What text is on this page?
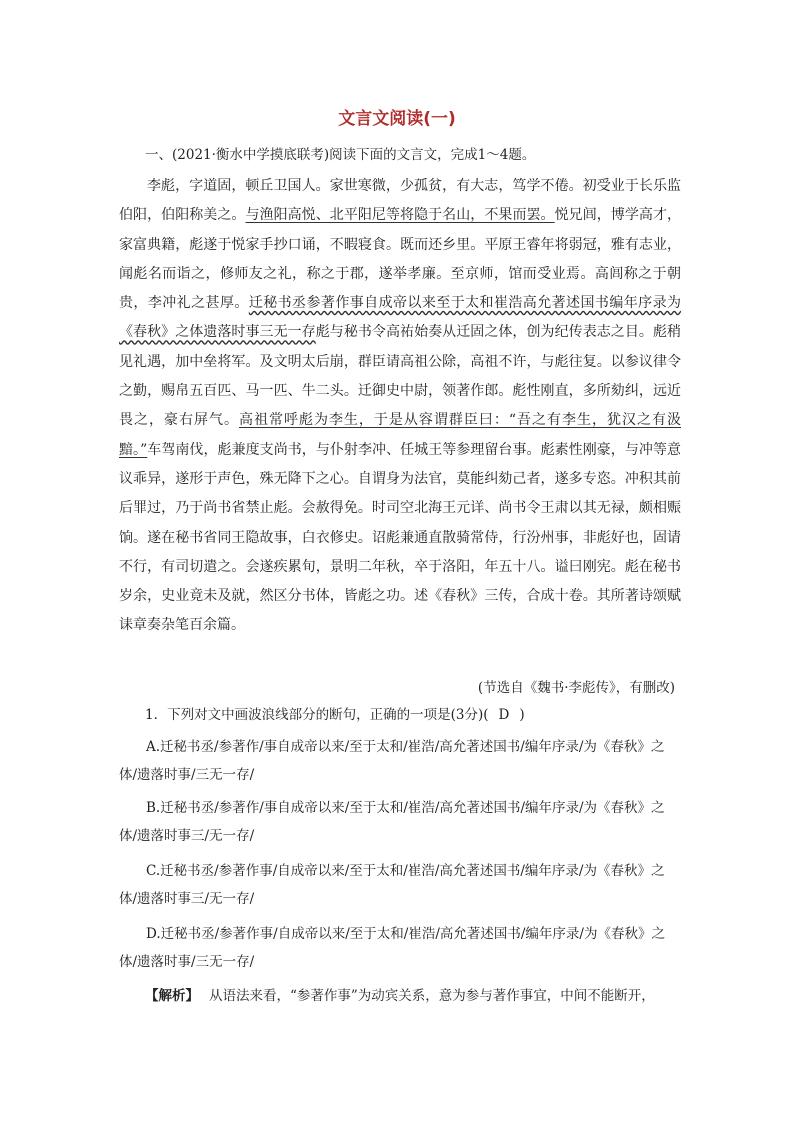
文言文阅读(一)
一、(2021·衡水中学摸底联考)阅读下面的文言文，完成1～4题。
李彪，字道固，顿丘卫国人。家世寒微，少孤贫，有大志，笃学不倦。初受业于长乐监伯阳，伯阳称美之。与渔阳高悦、北平阳尼等将隐于名山，不果而罢。悦兄闾，博学高才，家富典籍，彪遂于悦家手抄口诵，不暇寝食。既而还乡里。平原王睿年将弱冠，雅有志业，闻彪名而诣之，修师友之礼，称之于郡，遂举孝廉。至京师，馆而受业焉。高闾称之于朝贵，李冲礼之甚厚。迁秘书丞参著作事自成帝以来至于太和崔浩高允著述国书编年序录为《春秋》之体遗落时事三无一存彪与秘书令高祐始奏从迁固之体，创为纪传表志之目。彪稍见礼遇，加中垒将军。及文明太后崩，群臣请高祖公除，高祖不许，与彪往复。以参议律令之勤，赐帛五百匹、马一匹、牛二头。迁御史中尉，领著作郎。彪性刚直，多所劾纠，远近畏之，豪右屏气。高祖常呼彪为李生，于是从容谓群臣曰：“吾之有李生，犹汉之有汲黯。”车驾南伐，彪兼度支尚书，与仆射李冲、任城王等参理留台事。彪素性刚豪，与冲等意议乖异，遂形于声色，殊无降下之心。自谓身为法官，莫能纠劾己者，遂多专恣。冲积其前后罪过，乃于尚书省禁止彪。会赦得免。时司空北海王元详、尚书令王肃以其无禄，颇相赈饷。遂在秘书省同王隐故事，白衣修史。诏彪兼通直散骑常侍，行汾州事，非彪好也，固请不行，有司切遣之。会遂疾累旬，景明二年秋，卒于洛阳，年五十八。谥曰刚宪。彪在秘书岁余，史业竟未及就，然区分书体，皆彪之功。述《春秋》三传，合成十卷。其所著诗颂赋诔章奏杂笔百余篇。
(节选自《魏书·李彪传》，有删改)
1．下列对文中画波浪线部分的断句，正确的一项是(3分)( D )
A.迁秘书丞/参著作/事自成帝以来/至于太和/崔浩/高允著述国书/编年序录/为《春秋》之体/遗落时事/三无一存/
B.迁秘书丞/参著作/事自成帝以来/至于太和/崔浩/高允著述国书/编年序录/为《春秋》之体/遗落时事三/无一存/
C.迁秘书丞/参著作事/自成帝以来/至于太和/崔浩/高允著述国书/编年序录/为《春秋》之体/遗落时事三/无一存/
D.迁秘书丞/参著作事/自成帝以来/至于太和/崔浩/高允著述国书/编年序录/为《春秋》之体/遗落时事/三无一存/
【解析】 从语法来看，“参著作事”为动宾关系，意为参与著作事宜，中间不能断开，
